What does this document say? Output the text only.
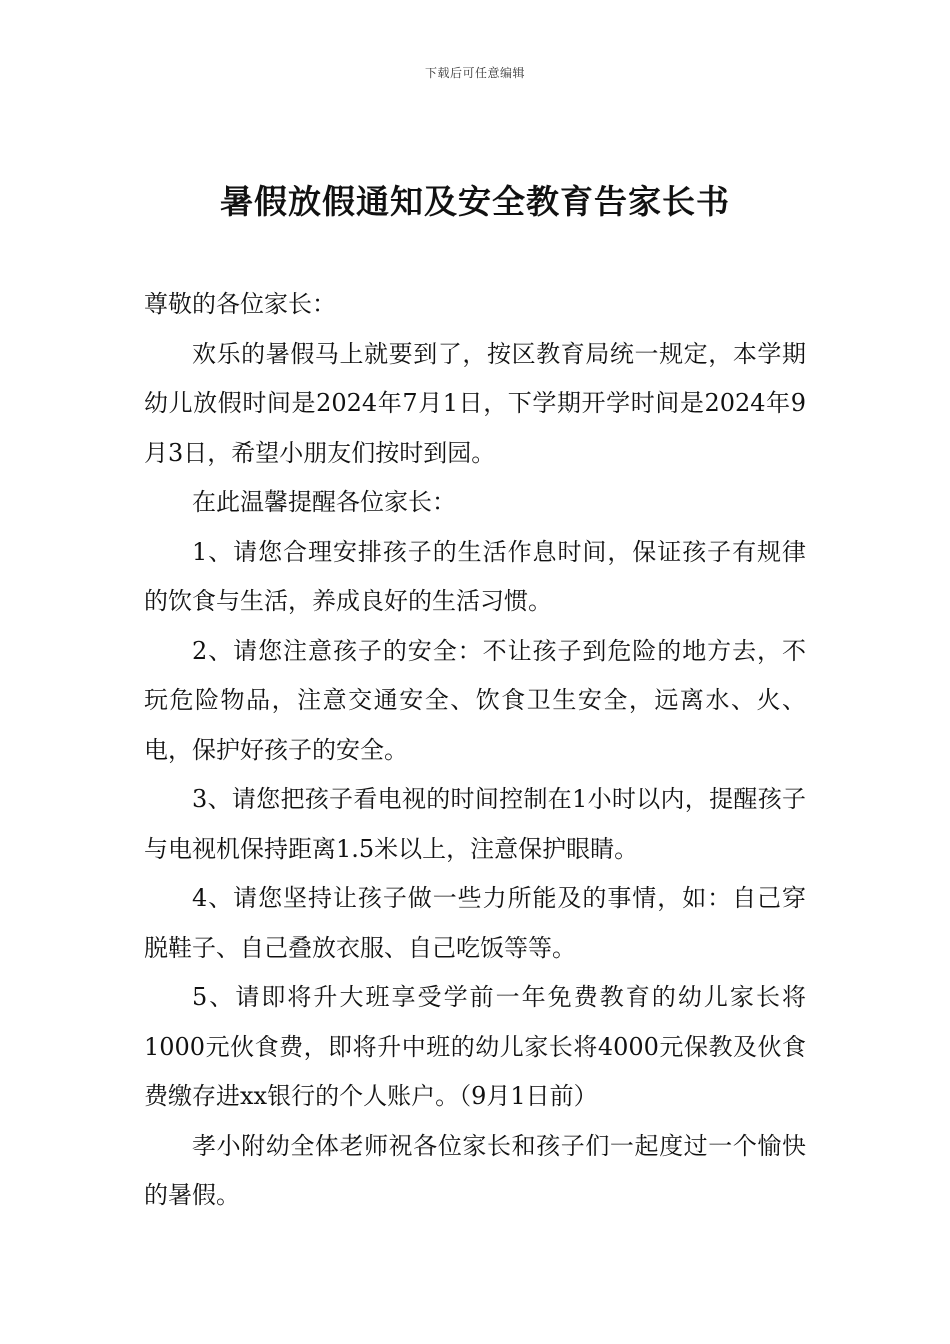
下载后可任意编辑
暑假放假通知及安全教育告家长书

尊敬的各位家长：

欢乐的暑假马上就要到了，按区教育局统一规定，本学期幼儿放假时间是2024年7月1日，下学期开学时间是2024年9月3日，希望小朋友们按时到园。

在此温馨提醒各位家长：

1、请您合理安排孩子的生活作息时间，保证孩子有规律的饮食与生活，养成良好的生活习惯。

2、请您注意孩子的安全：不让孩子到危险的地方去，不玩危险物品，注意交通安全、饮食卫生安全，远离水、火、电，保护好孩子的安全。

3、请您把孩子看电视的时间控制在1小时以内，提醒孩子与电视机保持距离1.5米以上，注意保护眼睛。

4、请您坚持让孩子做一些力所能及的事情，如：自己穿脱鞋子、自己叠放衣服、自己吃饭等等。

5、请即将升大班享受学前一年免费教育的幼儿家长将1000元伙食费，即将升中班的幼儿家长将4000元保教及伙食费缴存进xx银行的个人账户。（9月1日前）

孝小附幼全体老师祝各位家长和孩子们一起度过一个愉快的暑假。
